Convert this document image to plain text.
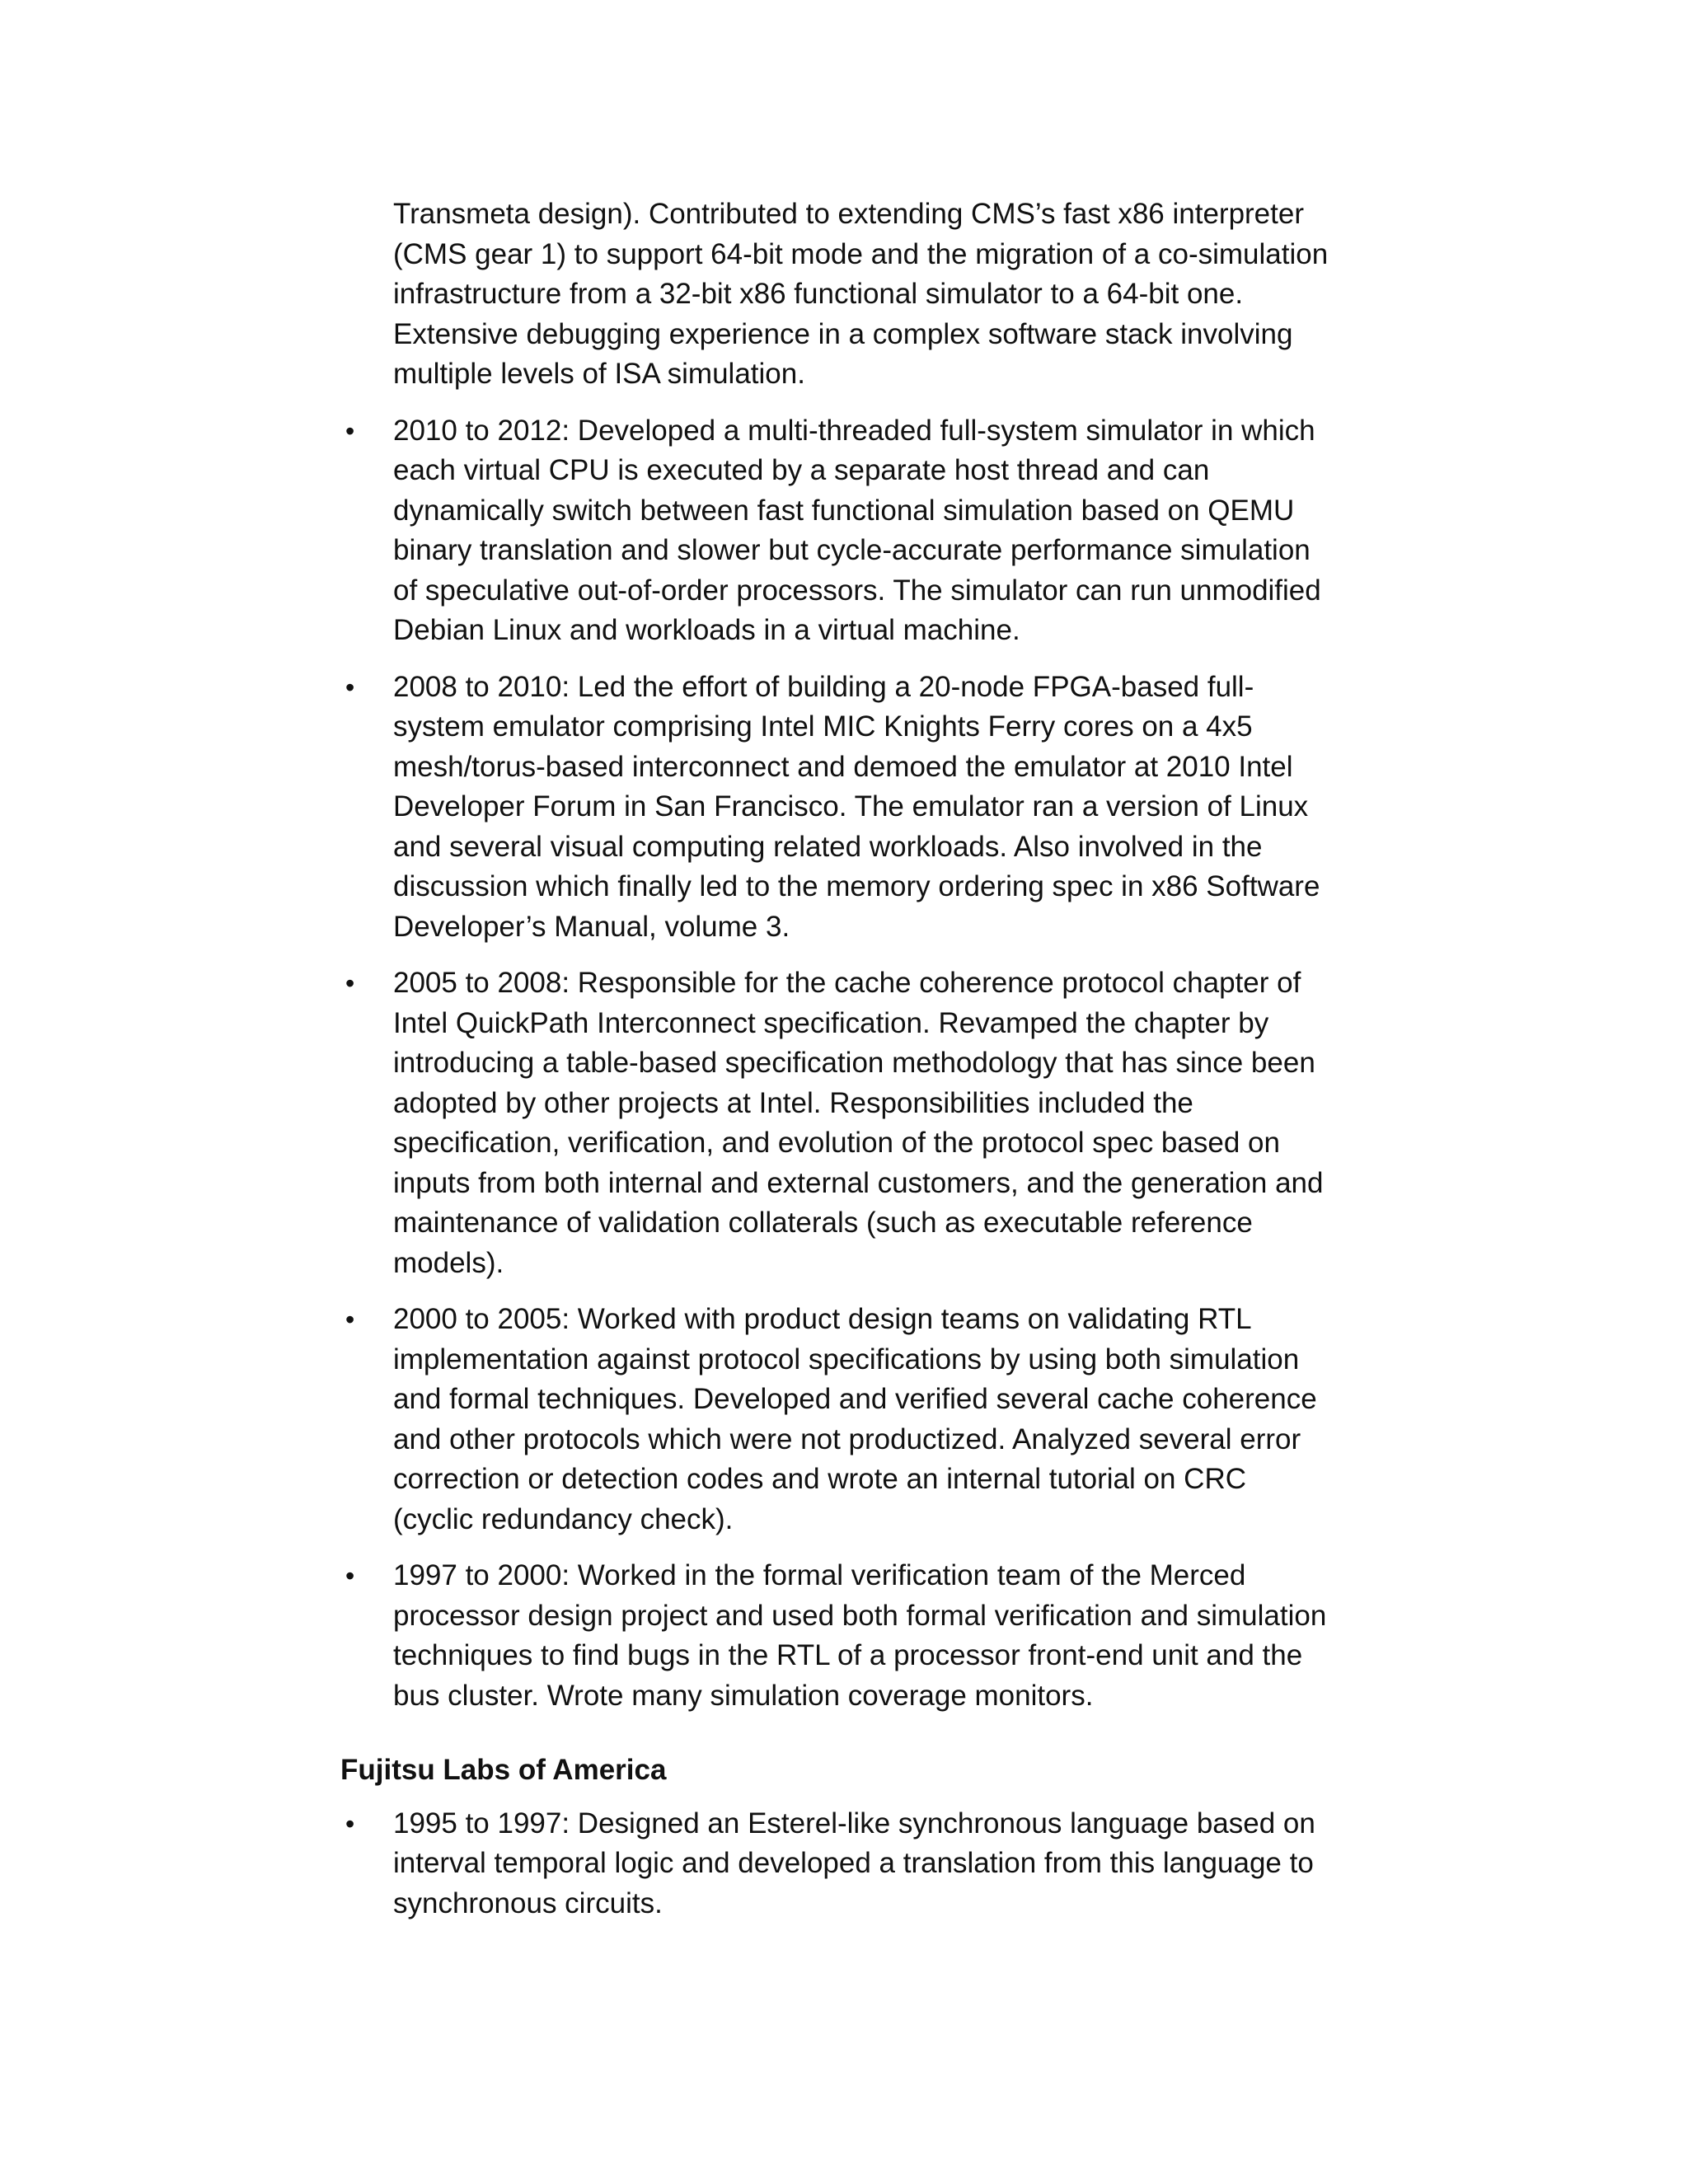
Transmeta design). Contributed to extending CMS’s fast x86 interpreter (CMS gear 1) to support 64-bit mode and the migration of a co-simulation infrastructure from a 32-bit x86 functional simulator to a 64-bit one. Extensive debugging experience in a complex software stack involving multiple levels of ISA simulation.

• 2010 to 2012: Developed a multi-threaded full-system simulator in which each virtual CPU is executed by a separate host thread and can dynamically switch between fast functional simulation based on QEMU binary translation and slower but cycle-accurate performance simulation of speculative out-of-order processors. The simulator can run unmodified Debian Linux and workloads in a virtual machine.
• 2008 to 2010: Led the effort of building a 20-node FPGA-based full-system emulator comprising Intel MIC Knights Ferry cores on a 4x5 mesh/torus-based interconnect and demoed the emulator at 2010 Intel Developer Forum in San Francisco. The emulator ran a version of Linux and several visual computing related workloads. Also involved in the discussion which finally led to the memory ordering spec in x86 Software Developer’s Manual, volume 3.
• 2005 to 2008: Responsible for the cache coherence protocol chapter of Intel QuickPath Interconnect specification. Revamped the chapter by introducing a table-based specification methodology that has since been adopted by other projects at Intel. Responsibilities included the specification, verification, and evolution of the protocol spec based on inputs from both internal and external customers, and the generation and maintenance of validation collaterals (such as executable reference models).
• 2000 to 2005: Worked with product design teams on validating RTL implementation against protocol specifications by using both simulation and formal techniques. Developed and verified several cache coherence and other protocols which were not productized. Analyzed several error correction or detection codes and wrote an internal tutorial on CRC (cyclic redundancy check).
• 1997 to 2000: Worked in the formal verification team of the Merced processor design project and used both formal verification and simulation techniques to find bugs in the RTL of a processor front-end unit and the bus cluster. Wrote many simulation coverage monitors.
Fujitsu Labs of America
• 1995 to 1997: Designed an Esterel-like synchronous language based on interval temporal logic and developed a translation from this language to synchronous circuits.
